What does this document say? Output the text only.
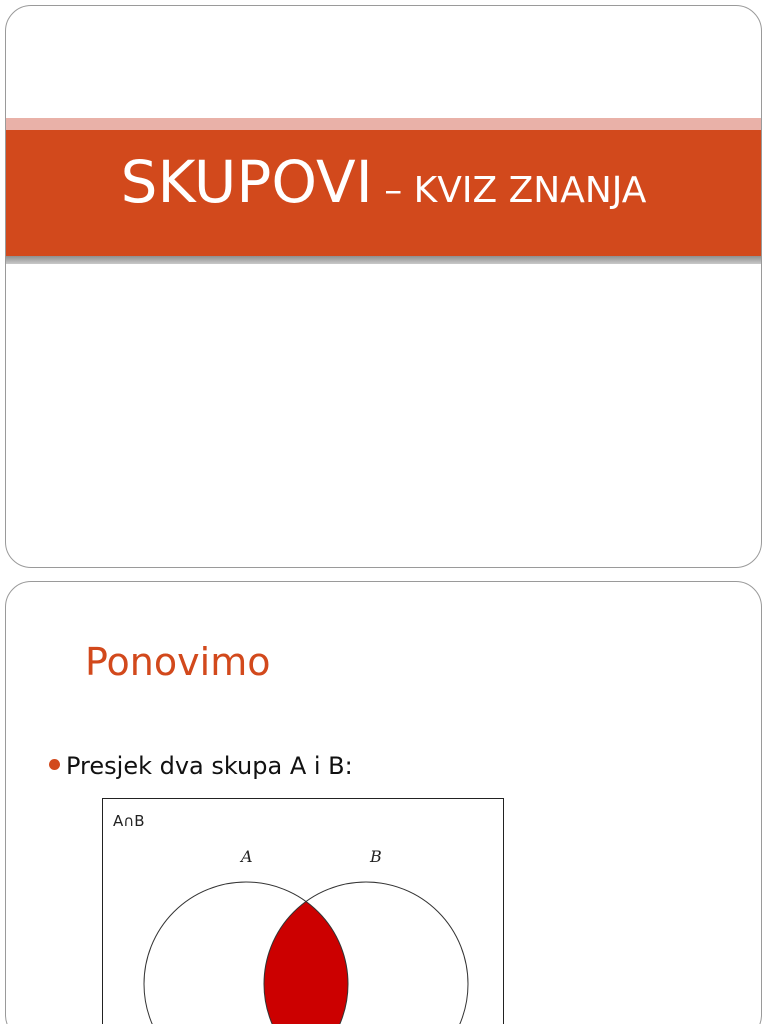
SKUPOVI – KVIZ ZNANJA
Ponovimo
Presjek dva skupa A i B:
A∩B
A	B
